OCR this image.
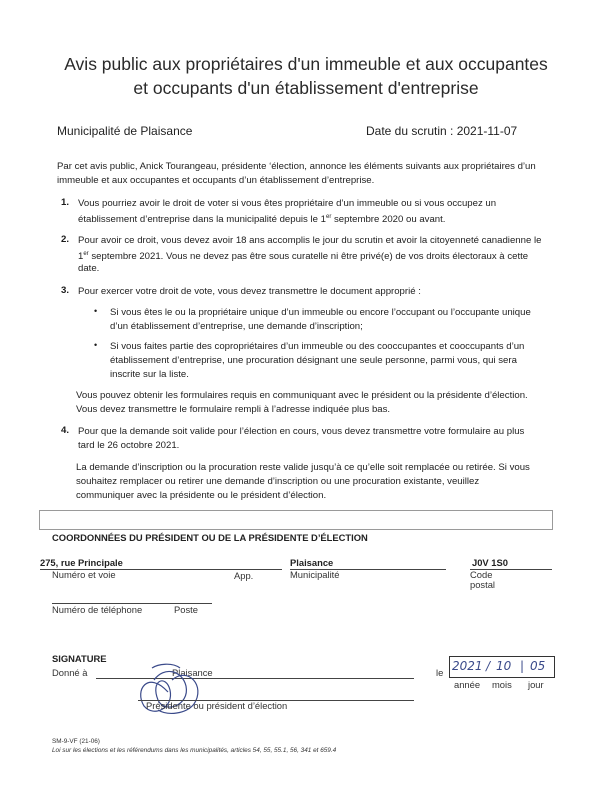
Avis public aux propriétaires d'un immeuble et aux occupantes
et occupants d'un établissement d'entreprise
Municipalité de Plaisance	Date du scrutin : 2021-11-07
Par cet avis public, Anick Tourangeau, présidente ‘élection, annonce les éléments suivants aux propriétaires d’un
immeuble et aux occupantes et occupants d’un établissement d’entreprise.
1. Vous pourriez avoir le droit de voter si vous êtes propriétaire d’un immeuble ou si vous occupez un
établissement d’entreprise dans la municipalité depuis le 1er septembre 2020 ou avant.
2. Pour avoir ce droit, vous devez avoir 18 ans accomplis le jour du scrutin et avoir la citoyenneté canadienne le
1er septembre 2021. Vous ne devez pas être sous curatelle ni être privé(e) de vos droits électoraux à cette
date.
3. Pour exercer votre droit de vote, vous devez transmettre le document approprié :
• Si vous êtes le ou la propriétaire unique d’un immeuble ou encore l’occupant ou l’occupante unique
d’un établissement d’entreprise, une demande d’inscription;
• Si vous faites partie des copropriétaires d’un immeuble ou des cooccupantes et cooccupants d’un
établissement d’entreprise, une procuration désignant une seule personne, parmi vous, qui sera
inscrite sur la liste.
Vous pouvez obtenir les formulaires requis en communiquant avec le président ou la présidente d’élection.
Vous devez transmettre le formulaire rempli à l’adresse indiquée plus bas.
4. Pour que la demande soit valide pour l’élection en cours, vous devez transmettre votre formulaire au plus
tard le 26 octobre 2021.
La demande d’inscription ou la procuration reste valide jusqu’à ce qu’elle soit remplacée ou retirée. Si vous
souhaitez remplacer ou retirer une demande d’inscription ou une procuration existante, veuillez
communiquer avec la présidente ou le président d’élection.
COORDONNÉES DU PRÉSIDENT OU DE LA PRÉSIDENTE D’ÉLECTION
275, rue Principale
Numéro et voie	App.
Plaisance
Municipalité
J0V 1S0
Code
postal
Numéro de téléphone	Poste
SIGNATURE
Donné à	Plaisance	le 2021 / 10 | 05
année mois jour
Présidente ou président d’élection
SM-9-VF (21-06)
Loi sur les élections et les référendums dans les municipalités, articles 54, 55, 55.1, 56, 341 et 659.4
